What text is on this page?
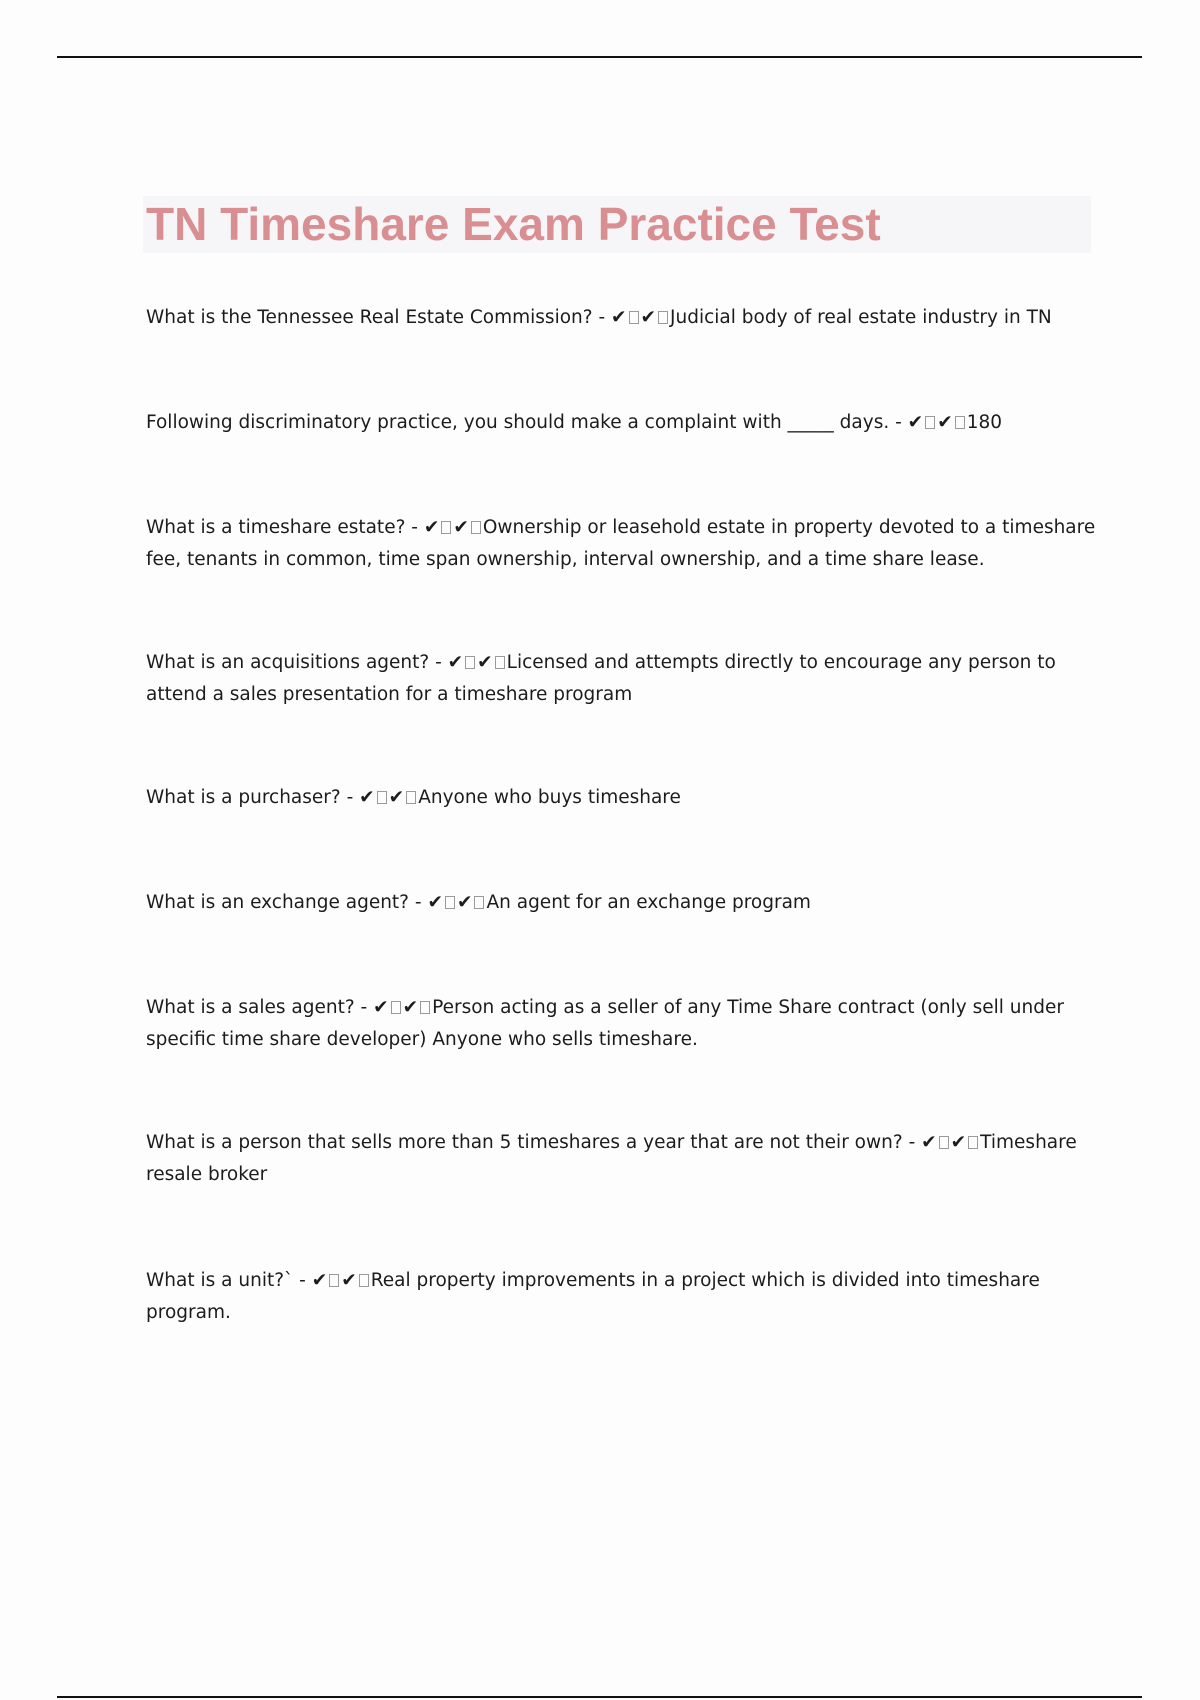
TN Timeshare Exam Practice Test

What is the Tennessee Real Estate Commission? - ✔ ✔ Judicial body of real estate industry in TN

Following discriminatory practice, you should make a complaint with _____ days. - ✔ ✔ 180

What is a timeshare estate? - ✔ ✔ Ownership or leasehold estate in property devoted to a timeshare fee, tenants in common, time span ownership, interval ownership, and a time share lease.

What is an acquisitions agent? - ✔ ✔ Licensed and attempts directly to encourage any person to attend a sales presentation for a timeshare program

What is a purchaser? - ✔ ✔ Anyone who buys timeshare

What is an exchange agent? - ✔ ✔ An agent for an exchange program

What is a sales agent? - ✔ ✔ Person acting as a seller of any Time Share contract (only sell under specific time share developer) Anyone who sells timeshare.

What is a person that sells more than 5 timeshares a year that are not their own? - ✔ ✔ Timeshare resale broker

What is a unit?` - ✔ ✔ Real property improvements in a project which is divided into timeshare program.
